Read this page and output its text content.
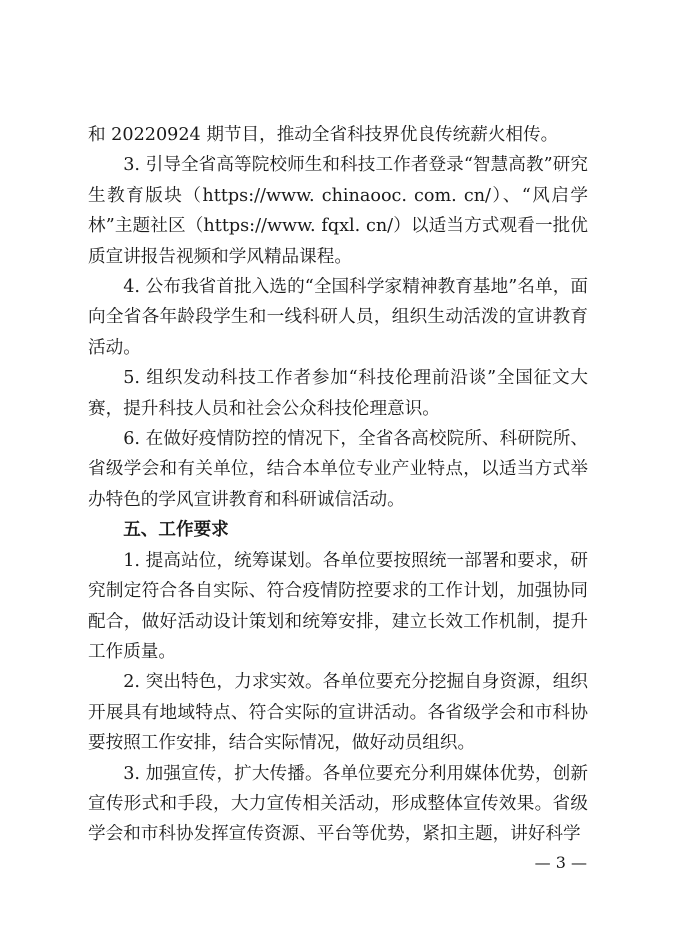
和 20220924 期节目，推动全省科技界优良传统薪火相传。

3. 引导全省高等院校师生和科技工作者登录“智慧高教”研究生教育版块（https://www. chinaooc. com. cn/）、“风启学林”主题社区（https://www. fqxl. cn/）以适当方式观看一批优质宣讲报告视频和学风精品课程。

4. 公布我省首批入选的“全国科学家精神教育基地”名单，面向全省各年龄段学生和一线科研人员，组织生动活泼的宣讲教育活动。

5. 组织发动科技工作者参加“科技伦理前沿谈”全国征文大赛，提升科技人员和社会公众科技伦理意识。

6. 在做好疫情防控的情况下，全省各高校院所、科研院所、省级学会和有关单位，结合本单位专业产业特点，以适当方式举办特色的学风宣讲教育和科研诚信活动。

五、工作要求

1. 提高站位，统筹谋划。各单位要按照统一部署和要求，研究制定符合各自实际、符合疫情防控要求的工作计划，加强协同配合，做好活动设计策划和统筹安排，建立长效工作机制，提升工作质量。

2. 突出特色，力求实效。各单位要充分挖掘自身资源，组织开展具有地域特点、符合实际的宣讲活动。各省级学会和市科协要按照工作安排，结合实际情况，做好动员组织。

3. 加强宣传，扩大传播。各单位要充分利用媒体优势，创新宣传形式和手段，大力宣传相关活动，形成整体宣传效果。省级学会和市科协发挥宣传资源、平台等优势，紧扣主题，讲好科学

— 3 —
